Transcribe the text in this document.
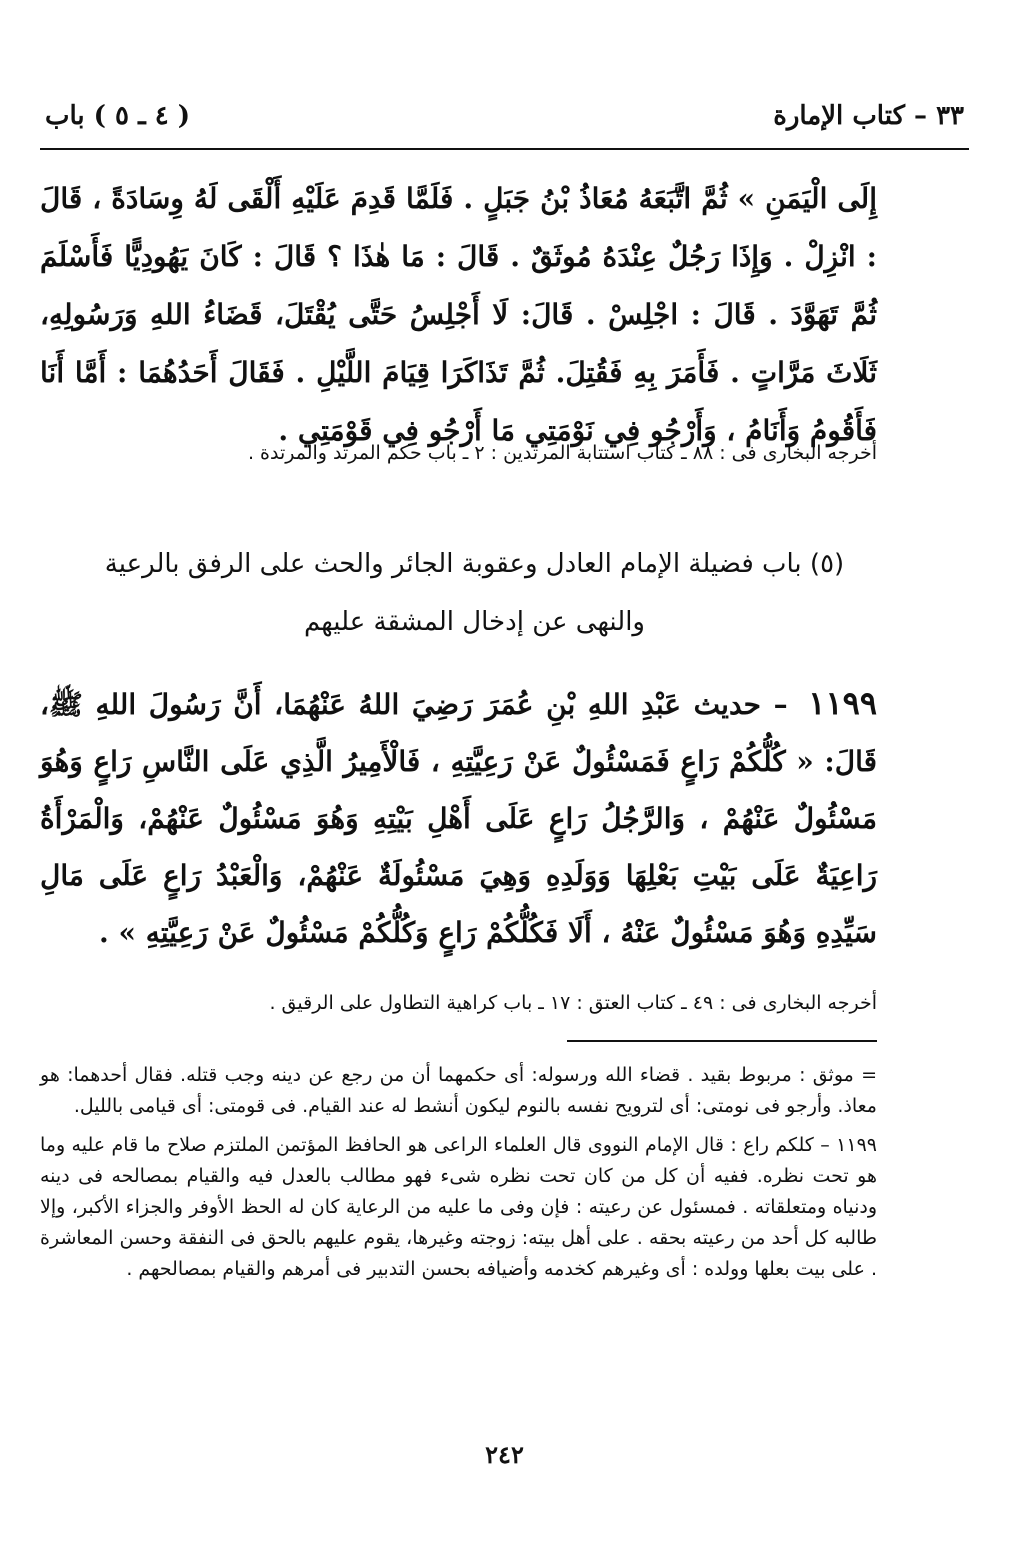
٣٣ – كتاب الإمارة
( ٤ ـ ٥ ) باب
إِلَى الْيَمَنِ » ثُمَّ اتَّبَعَهُ مُعَاذُ بْنُ جَبَلٍ . فَلَمَّا قَدِمَ عَلَيْهِ أَلْقَى لَهُ وِسَادَةً ، قَالَ : انْزِلْ . وَإِذَا رَجُلٌ عِنْدَهُ مُوثَقٌ . قَالَ : مَا هٰذَا ؟ قَالَ : كَانَ يَهُودِيًّا فَأَسْلَمَ ثُمَّ تَهَوَّدَ . قَالَ : اجْلِسْ . قَالَ: لَا أَجْلِسُ حَتَّى يُقْتَلَ، قَضَاءُ اللهِ وَرَسُولِهِ، ثَلَاثَ مَرَّاتٍ . فَأَمَرَ بِهِ فَقُتِلَ. ثُمَّ تَذَاكَرَا قِيَامَ اللَّيْلِ . فَقَالَ أَحَدُهُمَا : أَمَّا أَنَا فَأَقُومُ وَأَنَامُ ، وَأَرْجُو فِي نَوْمَتِي مَا أَرْجُو فِي قَوْمَتِي .
أخرجه البخارى فى : ٨٨ ـ كتاب استتابة المرتدين : ٢ ـ باب حكم المرتد والمرتدة .
(٥) باب فضيلة الإمام العادل وعقوبة الجائر والحث على الرفق بالرعية
والنهى عن إدخال المشقة عليهم
١١٩٩ – حديث عَبْدِ اللهِ بْنِ عُمَرَ رَضِيَ اللهُ عَنْهُمَا، أَنَّ رَسُولَ اللهِ ﷺ، قَالَ: « كُلُّكُمْ رَاعٍ فَمَسْئُولٌ عَنْ رَعِيَّتِهِ ، فَالْأَمِيرُ الَّذِي عَلَى النَّاسِ رَاعٍ وَهُوَ مَسْئُولٌ عَنْهُمْ ، وَالرَّجُلُ رَاعٍ عَلَى أَهْلِ بَيْتِهِ وَهُوَ مَسْئُولٌ عَنْهُمْ، وَالْمَرْأَةُ رَاعِيَةٌ عَلَى بَيْتِ بَعْلِهَا وَوَلَدِهِ وَهِيَ مَسْئُولَةٌ عَنْهُمْ، وَالْعَبْدُ رَاعٍ عَلَى مَالِ سَيِّدِهِ وَهُوَ مَسْئُولٌ عَنْهُ ، أَلَا فَكُلُّكُمْ رَاعٍ وَكُلُّكُمْ مَسْئُولٌ عَنْ رَعِيَّتِهِ » .
أخرجه البخارى فى : ٤٩ ـ كتاب العتق : ١٧ ـ باب كراهية التطاول على الرقيق .

= موثق : مربوط بقيد . قضاء الله ورسوله: أى حكمهما أن من رجع عن دينه وجب قتله. فقال أحدهما: هو معاذ. وأرجو فى نومتى: أى لترويح نفسه بالنوم ليكون أنشط له عند القيام. فى قومتى: أى قيامى بالليل.

١١٩٩ – كلكم راع : قال الإمام النووى قال العلماء الراعى هو الحافظ المؤتمن الملتزم صلاح ما قام عليه وما هو تحت نظره. ففيه أن كل من كان تحت نظره شىء فهو مطالب بالعدل فيه والقيام بمصالحه فى دينه ودنياه ومتعلقاته . فمسئول عن رعيته : فإن وفى ما عليه من الرعاية كان له الحظ الأوفر والجزاء الأكبر، وإلا طالبه كل أحد من رعيته بحقه . على أهل بيته: زوجته وغيرها، يقوم عليهم بالحق فى النفقة وحسن المعاشرة . على بيت بعلها وولده : أى وغيرهم كخدمه وأضيافه بحسن التدبير فى أمرهم والقيام بمصالحهم .

٢٤٢
